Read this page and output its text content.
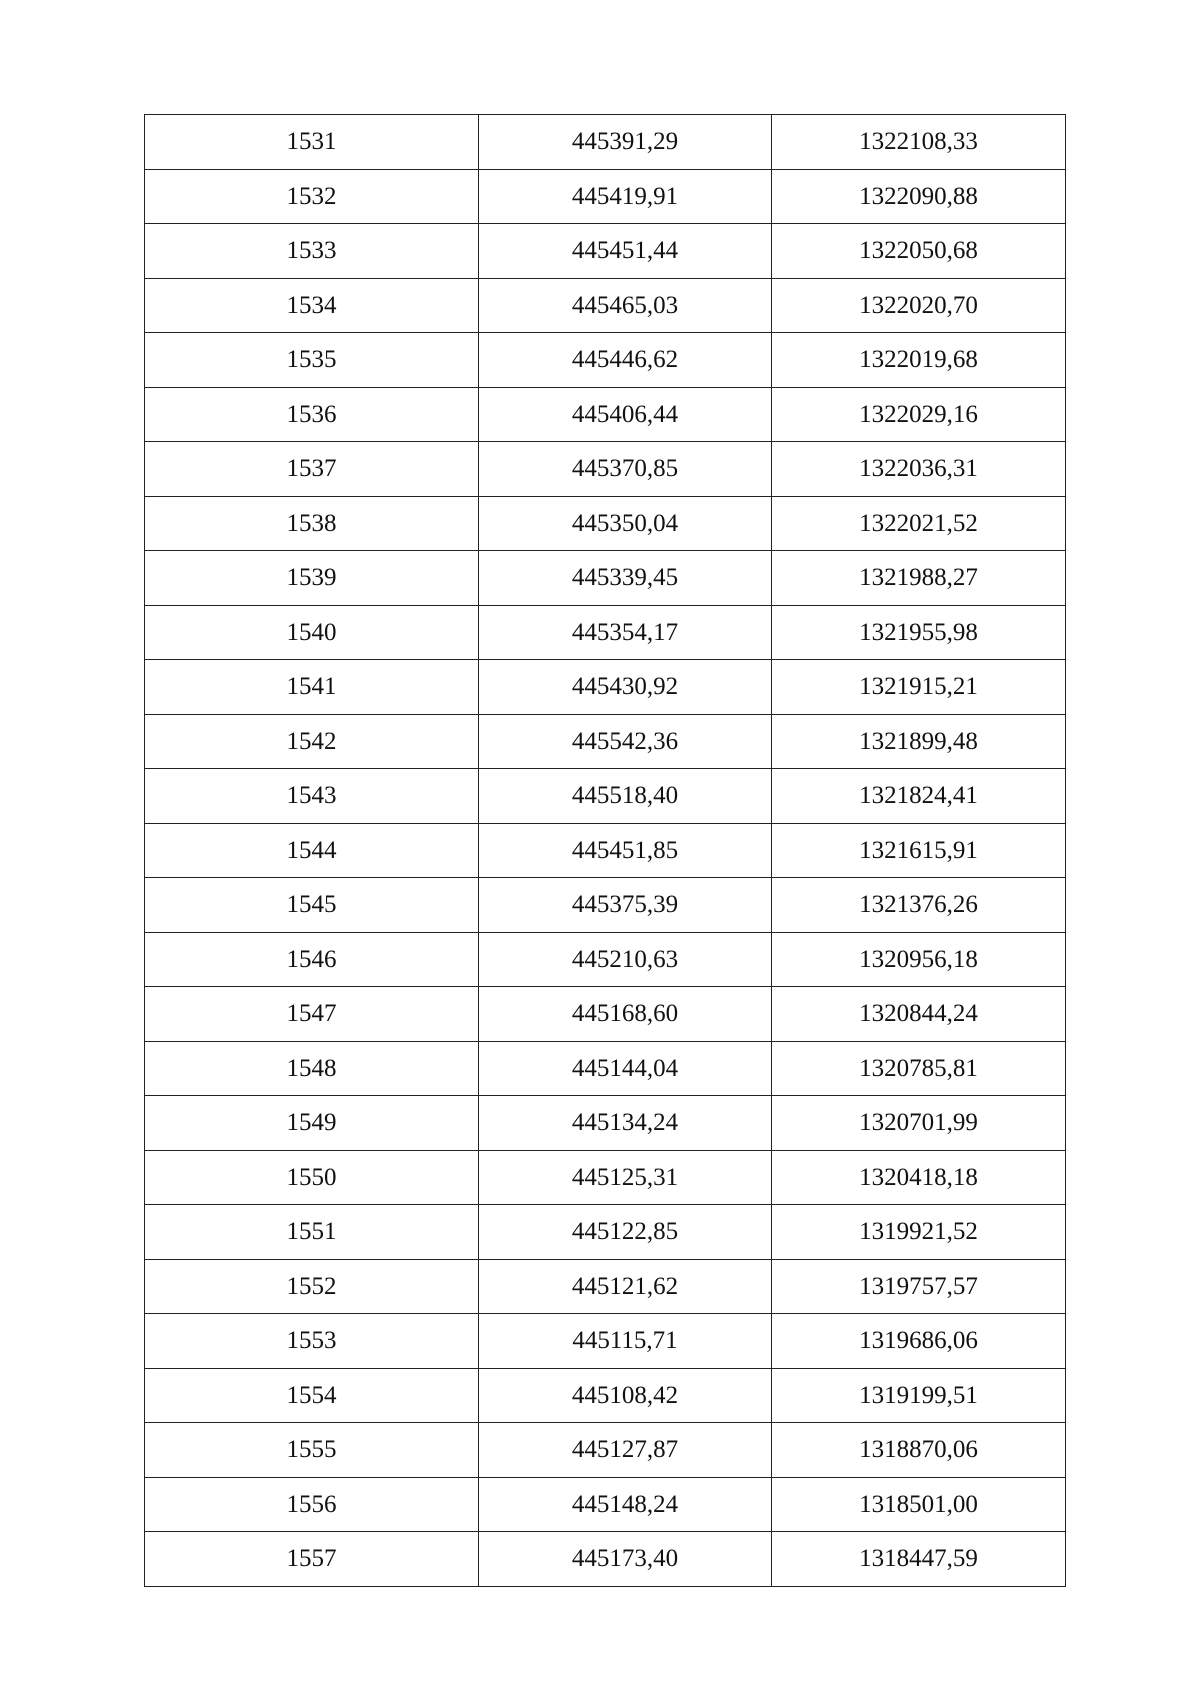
1531	445391,29	1322108,33
1532	445419,91	1322090,88
1533	445451,44	1322050,68
1534	445465,03	1322020,70
1535	445446,62	1322019,68
1536	445406,44	1322029,16
1537	445370,85	1322036,31
1538	445350,04	1322021,52
1539	445339,45	1321988,27
1540	445354,17	1321955,98
1541	445430,92	1321915,21
1542	445542,36	1321899,48
1543	445518,40	1321824,41
1544	445451,85	1321615,91
1545	445375,39	1321376,26
1546	445210,63	1320956,18
1547	445168,60	1320844,24
1548	445144,04	1320785,81
1549	445134,24	1320701,99
1550	445125,31	1320418,18
1551	445122,85	1319921,52
1552	445121,62	1319757,57
1553	445115,71	1319686,06
1554	445108,42	1319199,51
1555	445127,87	1318870,06
1556	445148,24	1318501,00
1557	445173,40	1318447,59
